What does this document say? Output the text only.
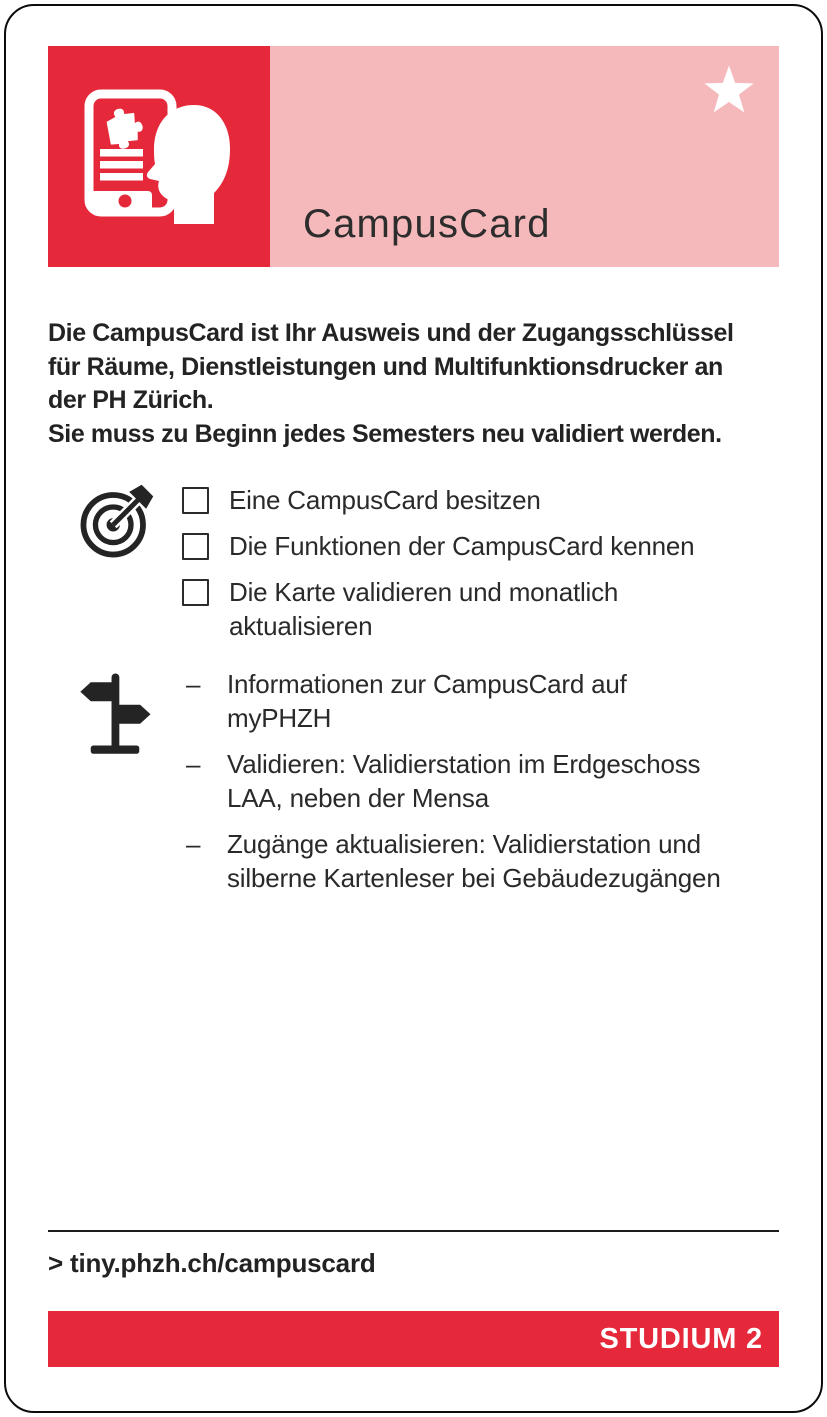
CampusCard
Die CampusCard ist Ihr Ausweis und der Zugangsschlüssel
für Räume, Dienstleistungen und Multifunktionsdrucker an
der PH Zürich.
Sie muss zu Beginn jedes Semesters neu validiert werden.
Eine CampusCard besitzen
Die Funktionen der CampusCard kennen
Die Karte validieren und monatlich
aktualisieren
–	Informationen zur CampusCard auf
myPHZH
–	Validieren: Validierstation im Erdgeschoss
LAA, neben der Mensa
–	Zugänge aktualisieren: Validierstation und
silberne Kartenleser bei Gebäudezugängen
> tiny.phzh.ch/campuscard
STUDIUM 2
